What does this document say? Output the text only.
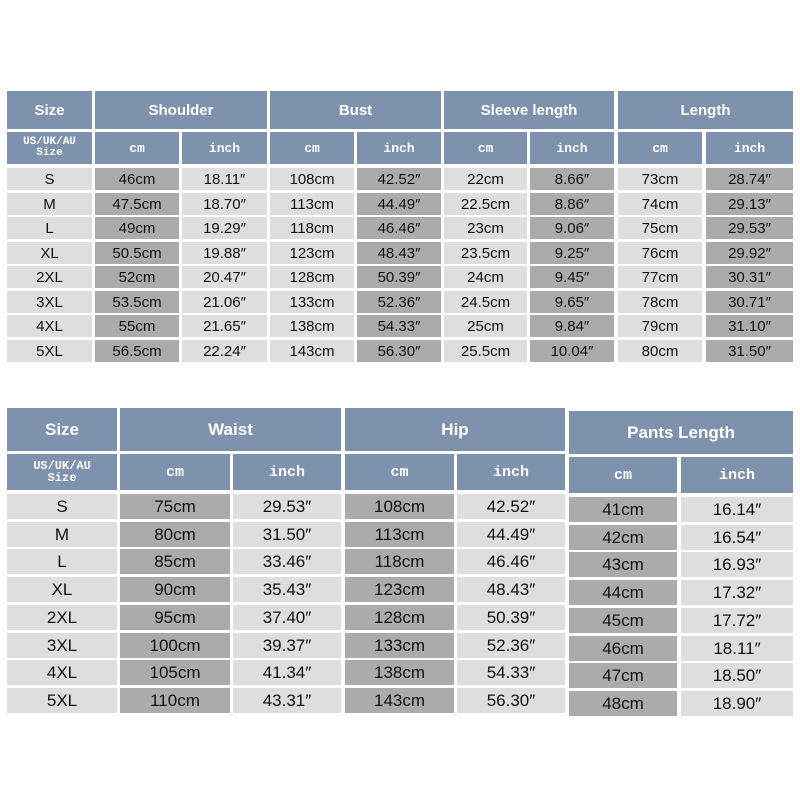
Size	Shoulder	Bust	Sleeve length	Length
US/UK/AU
Size	cm	inch	cm	inch	cm	inch	cm	inch
S	46cm	18.11″	108cm	42.52″	22cm	8.66″	73cm	28.74″
M	47.5cm	18.70″	113cm	44.49″	22.5cm	8.86″	74cm	29.13″
L	49cm	19.29″	118cm	46.46″	23cm	9.06″	75cm	29.53″
XL	50.5cm	19.88″	123cm	48.43″	23.5cm	9.25″	76cm	29.92″
2XL	52cm	20.47″	128cm	50.39″	24cm	9.45″	77cm	30.31″
3XL	53.5cm	21.06″	133cm	52.36″	24.5cm	9.65″	78cm	30.71″
4XL	55cm	21.65″	138cm	54.33″	25cm	9.84″	79cm	31.10″
5XL	56.5cm	22.24″	143cm	56.30″	25.5cm	10.04″	80cm	31.50″
Size	Waist	Hip	Pants Length
US/UK/AU
Size	cm	inch	cm	inch	cm	inch
S	75cm	29.53″	108cm	42.52″	41cm	16.14″
M	80cm	31.50″	113cm	44.49″	42cm	16.54″
L	85cm	33.46″	118cm	46.46″	43cm	16.93″
XL	90cm	35.43″	123cm	48.43″	44cm	17.32″
2XL	95cm	37.40″	128cm	50.39″	45cm	17.72″
3XL	100cm	39.37″	133cm	52.36″	46cm	18.11″
4XL	105cm	41.34″	138cm	54.33″	47cm	18.50″
5XL	110cm	43.31″	143cm	56.30″	48cm	18.90″
